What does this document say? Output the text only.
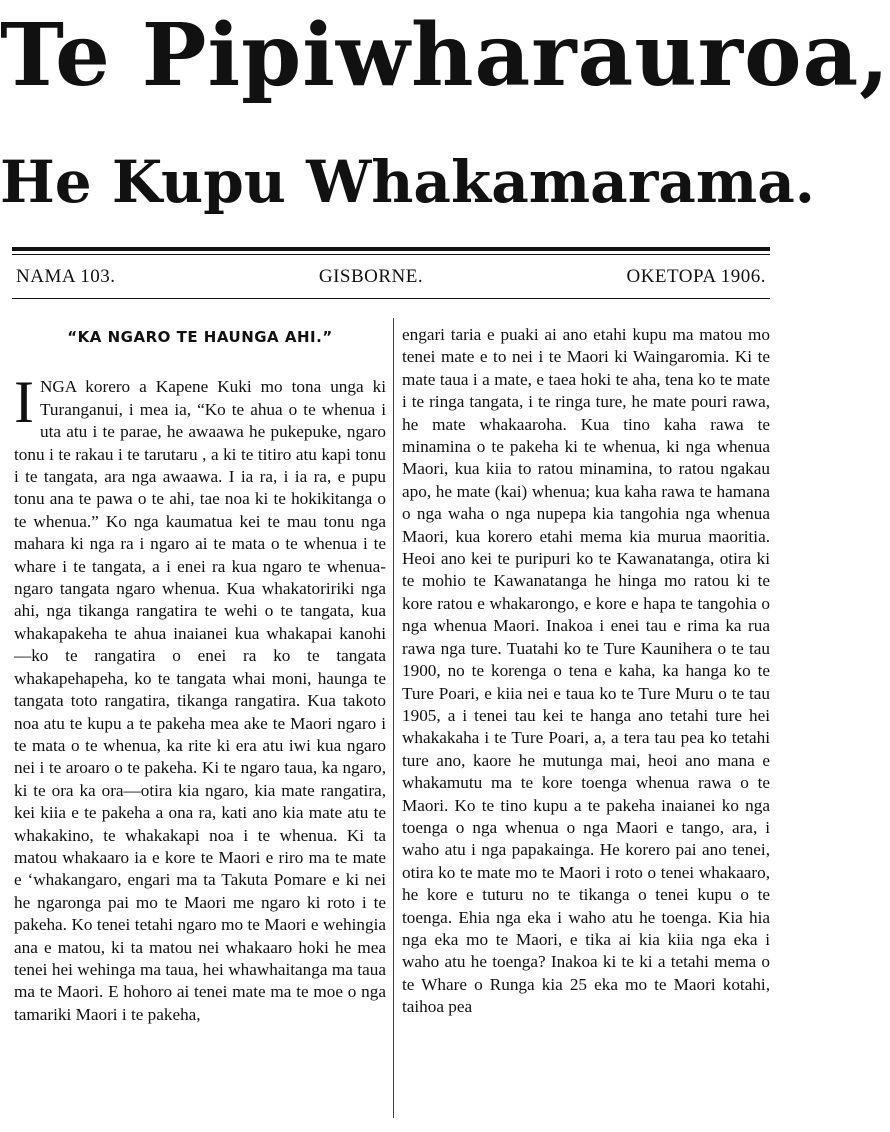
Te Pipiwharauroa,
He Kupu Whakamarama.
NAMA 103.	GISBORNE.	OKETOPA 1906.
“KA NGARO TE HAUNGA AHI.”

I NGA korero a Kapene Kuki mo tona unga ki Turanganui, i mea ia, “Ko te ahua o te whenua i uta atu i te parae, he awaawa he pukepuke, ngaro tonu i te rakau i te tarutaru , a ki te titiro atu kapi tonu i te tangata, ara nga awaawa. I ia ra, i ia ra, e pupu tonu ana te pawa o te ahi, tae noa ki te hokikitanga o te whenua.” Ko nga kaumatua kei te mau tonu nga mahara ki nga ra i ngaro ai te mata o te whenua i te whare i te tangata, a i enei ra kua ngaro te whenua-ngaro tangata ngaro whenua. Kua whakatoririki nga ahi, nga tikanga rangatira te wehi o te tangata, kua whakapakeha te ahua inaianei kua whakapai kanohi—ko te rangatira o enei ra ko te tangata whakapehapeha, ko te tangata whai moni, haunga te tangata toto rangatira, tikanga rangatira. Kua takoto noa atu te kupu a te pakeha mea ake te Maori ngaro i te mata o te whenua, ka rite ki era atu iwi kua ngaro nei i te aroaro o te pakeha. Ki te ngaro taua, ka ngaro, ki te ora ka ora—otira kia ngaro, kia mate rangatira, kei kiia e te pakeha a ona ra, kati ano kia mate atu te whakakino, te whakakapi noa i te whenua. Ki ta matou whakaaro ia e kore te Maori e riro ma te mate e ‘whakangaro, engari ma ta Takuta Pomare e ki nei he ngaronga pai mo te Maori me ngaro ki roto i te pakeha. Ko tenei tetahi ngaro mo te Maori e wehingia ana e matou, ki ta matou nei whakaaro hoki he mea tenei hei wehinga ma taua, hei whawhaitanga ma taua ma te Maori. E hohoro ai tenei mate ma te moe o nga tamariki Maori i te pakeha,

engari taria e puaki ai ano etahi kupu ma matou mo tenei mate e to nei i te Maori ki Waingaromia. Ki te mate taua i a mate, e taea hoki te aha, tena ko te mate i te ringa tangata, i te ringa ture, he mate pouri rawa, he mate whakaaroha. Kua tino kaha rawa te minamina o te pakeha ki te whenua, ki nga whenua Maori, kua kiia to ratou minamina, to ratou ngakau apo, he mate (kai) whenua; kua kaha rawa te hamana o nga waha o nga nupepa kia tangohia nga whenua Maori, kua korero etahi mema kia murua maoritia. Heoi ano kei te puripuri ko te Kawanatanga, otira ki te mohio te Kawanatanga he hinga mo ratou ki te kore ratou e whakarongo, e kore e hapa te tangohia o nga whenua Maori. Inakoa i enei tau e rima ka rua rawa nga ture. Tuatahi ko te Ture Kaunihera o te tau 1900, no te korenga o tena e kaha, ka hanga ko te Ture Poari, e kiia nei e taua ko te Ture Muru o te tau 1905, a i tenei tau kei te hanga ano tetahi ture hei whakakaha i te Ture Poari, a, a tera tau pea ko tetahi ture ano, kaore he mutunga mai, heoi ano mana e whakamutu ma te kore toenga whenua rawa o te Maori. Ko te tino kupu a te pakeha inaianei ko nga toenga o nga whenua o nga Maori e tango, ara, i waho atu i nga papakainga. He korero pai ano tenei, otira ko te mate mo te Maori i roto o tenei whakaaro, he kore e tuturu no te tikanga o tenei kupu o te toenga. Ehia nga eka i waho atu he toenga. Kia hia nga eka mo te Maori, e tika ai kia kiia nga eka i waho atu he toenga? Inakoa ki te ki a tetahi mema o te Whare o Runga kia 25 eka mo te Maori kotahi, taihoa pea
